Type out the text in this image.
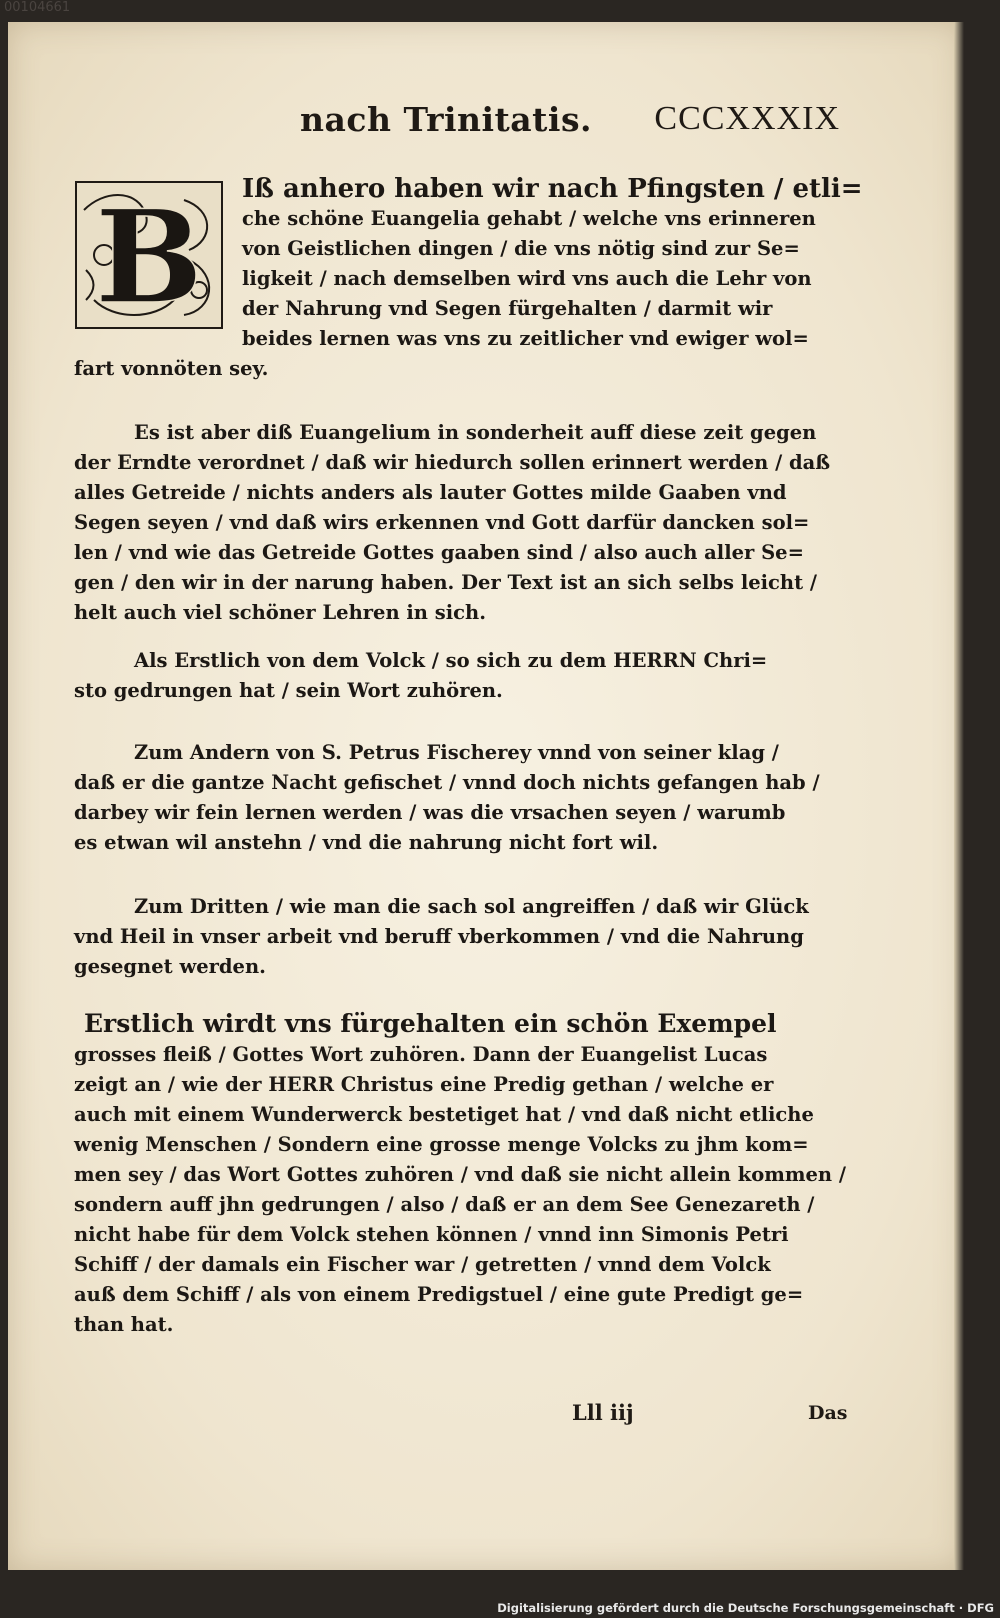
00104661
nach Trinitatis. CCCXXXIX
B	Iß anhero haben wir nach Pfingsten / etli=
che schöne Euangelia gehabt / welche vns erinneren
von Geistlichen dingen / die vns nötig sind zur Se=
ligkeit / nach demselben wird vns auch die Lehr von
der Nahrung vnd Segen fürgehalten / darmit wir
beides lernen was vns zu zeitlicher vnd ewiger wol=
fart vonnöten sey.
Es ist aber diß Euangelium in sonderheit auff diese zeit gegen
der Erndte verordnet / daß wir hiedurch sollen erinnert werden / daß
alles Getreide / nichts anders als lauter Gottes milde Gaaben vnd
Segen seyen / vnd daß wirs erkennen vnd Gott darfür dancken sol=
len / vnd wie das Getreide Gottes gaaben sind / also auch aller Se=
gen / den wir in der narung haben. Der Text ist an sich selbs leicht /
helt auch viel schöner Lehren in sich.
Als Erstlich von dem Volck / so sich zu dem HERRN Chri=
sto gedrungen hat / sein Wort zuhören.
Zum Andern von S. Petrus Fischerey vnnd von seiner klag /
daß er die gantze Nacht gefischet / vnnd doch nichts gefangen hab /
darbey wir fein lernen werden / was die vrsachen seyen / warumb
es etwan wil anstehn / vnd die nahrung nicht fort wil.
Zum Dritten / wie man die sach sol angreiffen / daß wir Glück
vnd Heil in vnser arbeit vnd beruff vberkommen / vnd die Nahrung
gesegnet werden.
Erstlich wirdt vns fürgehalten ein schön Exempel
grosses fleiß / Gottes Wort zuhören. Dann der Euangelist Lucas
zeigt an / wie der HERR Christus eine Predig gethan / welche er
auch mit einem Wunderwerck bestetiget hat / vnd daß nicht etliche
wenig Menschen / Sondern eine grosse menge Volcks zu jhm kom=
men sey / das Wort Gottes zuhören / vnd daß sie nicht allein kommen /
sondern auff jhn gedrungen / also / daß er an dem See Genezareth /
nicht habe für dem Volck stehen können / vnnd inn Simonis Petri
Schiff / der damals ein Fischer war / getretten / vnnd dem Volck
auß dem Schiff / als von einem Predigstuel / eine gute Predigt ge=
than hat.
Lll iij	Das
Digitalisierung gefördert durch die Deutsche Forschungsgemeinschaft · DFG
